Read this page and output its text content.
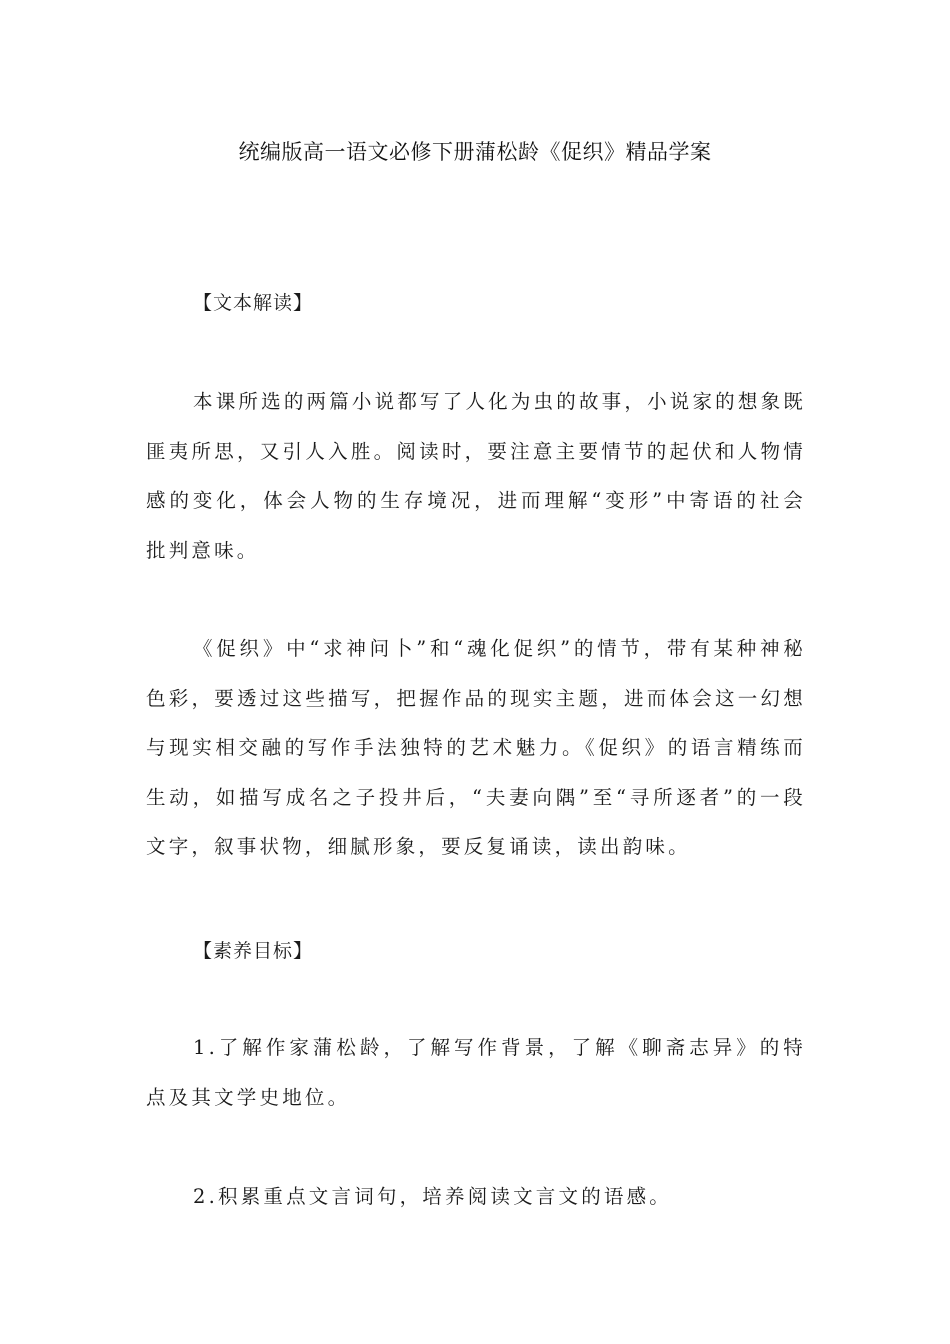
统编版高一语文必修下册蒲松龄《促织》精品学案
【文本解读】

本课所选的两篇小说都写了人化为虫的故事，小说家的想象既匪夷所思，又引人入胜。阅读时，要注意主要情节的起伏和人物情感的变化，体会人物的生存境况，进而理解“变形”中寄语的社会批判意味。

《促织》中“求神问卜”和“魂化促织”的情节，带有某种神秘色彩，要透过这些描写，把握作品的现实主题，进而体会这一幻想与现实相交融的写作手法独特的艺术魅力。《促织》的语言精练而生动，如描写成名之子投井后，“夫妻向隅”至“寻所逐者”的一段文字，叙事状物，细腻形象，要反复诵读，读出韵味。

【素养目标】

1.了解作家蒲松龄，了解写作背景，了解《聊斋志异》的特点及其文学史地位。

2.积累重点文言词句，培养阅读文言文的语感。
